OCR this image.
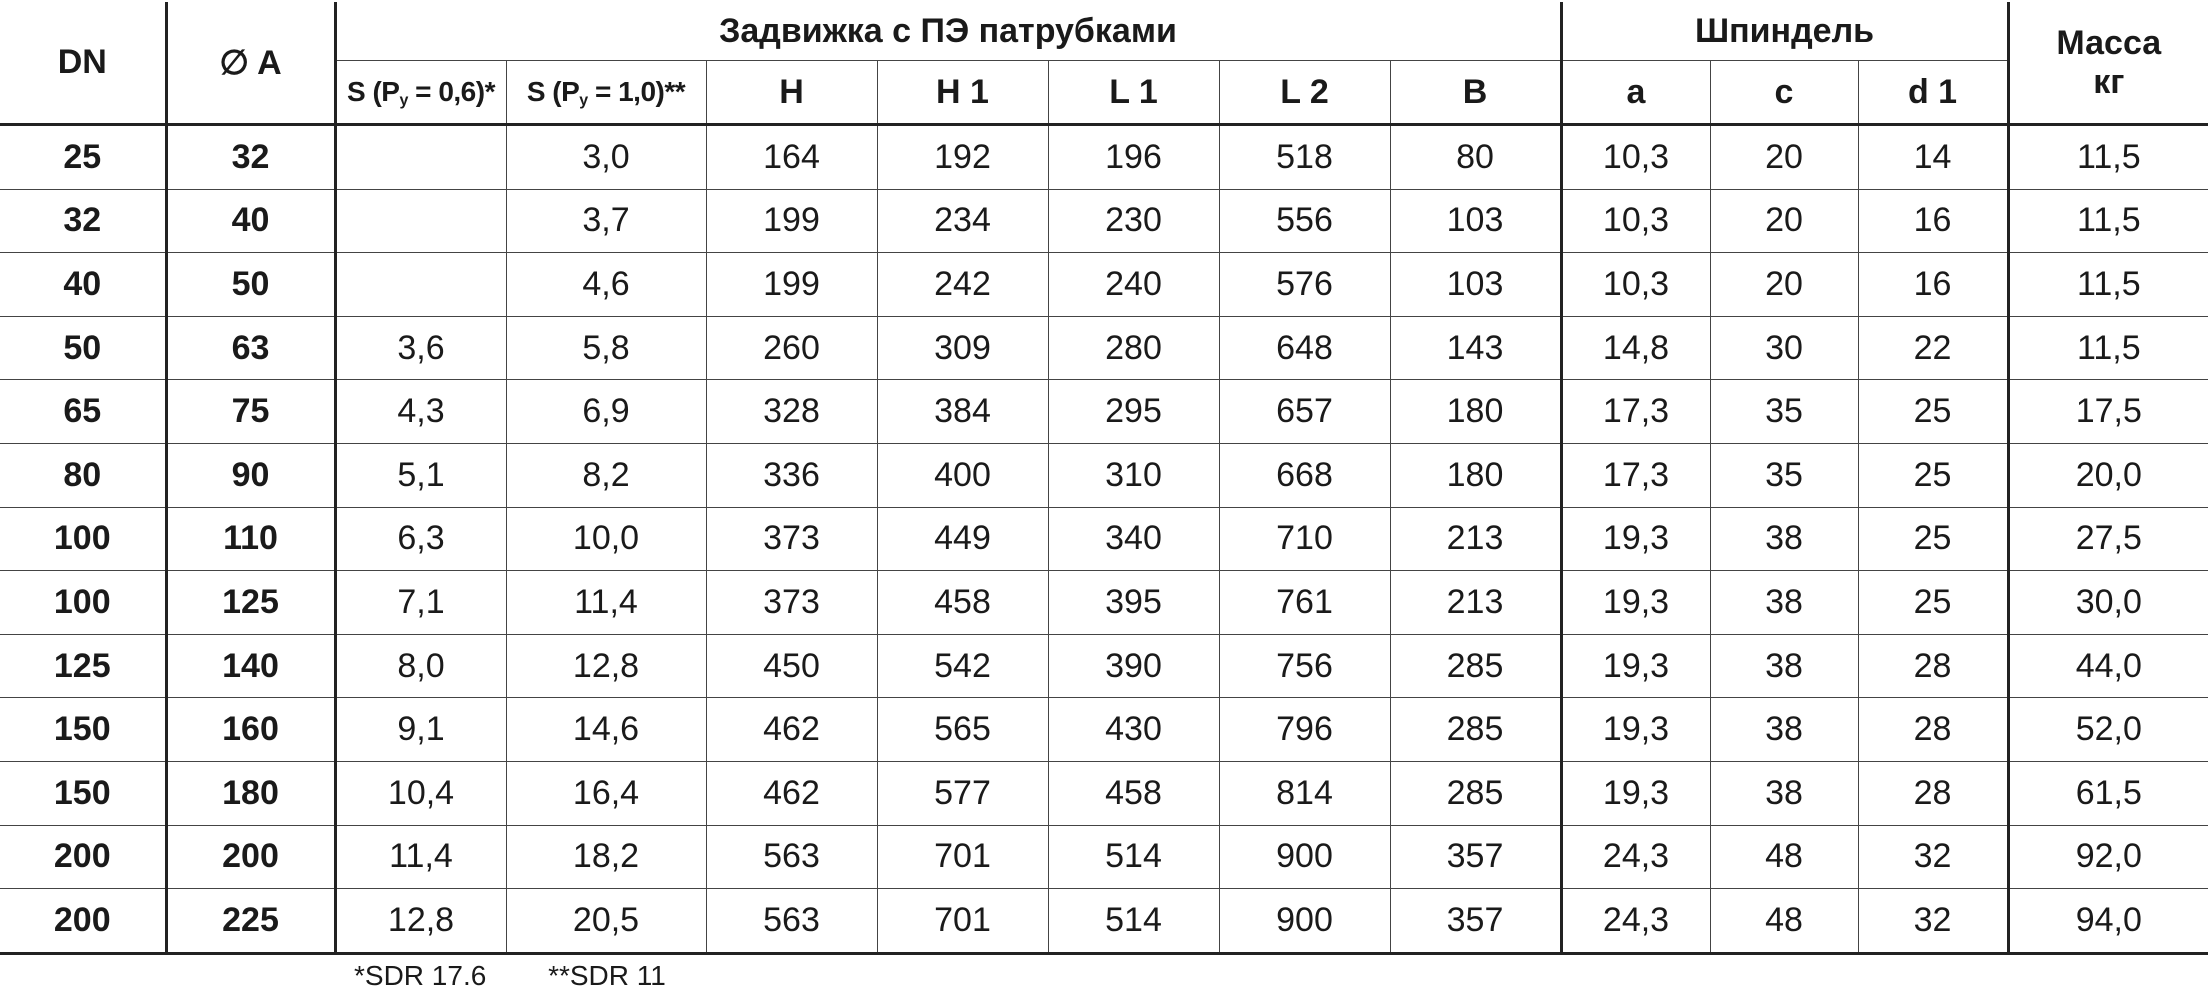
DN	∅ A	Задвижка с ПЭ патрубками							Шпиндель			Масса
кг
		S (Py = 0,6)*	S (Py = 1,0)**	H	H 1	L 1	L 2	B	a	c	d 1	
25	32		3,0	164	192	196	518	80	10,3	20	14	11,5
32	40		3,7	199	234	230	556	103	10,3	20	16	11,5
40	50		4,6	199	242	240	576	103	10,3	20	16	11,5
50	63	3,6	5,8	260	309	280	648	143	14,8	30	22	11,5
65	75	4,3	6,9	328	384	295	657	180	17,3	35	25	17,5
80	90	5,1	8,2	336	400	310	668	180	17,3	35	25	20,0
100	110	6,3	10,0	373	449	340	710	213	19,3	38	25	27,5
100	125	7,1	11,4	373	458	395	761	213	19,3	38	25	30,0
125	140	8,0	12,8	450	542	390	756	285	19,3	38	28	44,0
150	160	9,1	14,6	462	565	430	796	285	19,3	38	28	52,0
150	180	10,4	16,4	462	577	458	814	285	19,3	38	28	61,5
200	200	11,4	18,2	563	701	514	900	357	24,3	48	32	92,0
200	225	12,8	20,5	563	701	514	900	357	24,3	48	32	94,0
*SDR 17.6 **SDR 11
